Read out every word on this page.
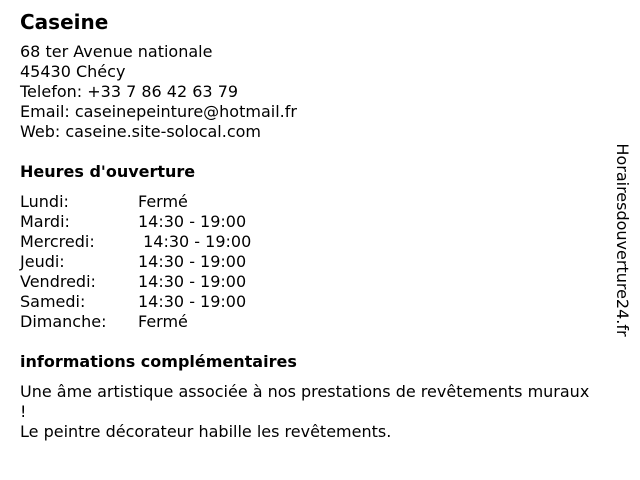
Caseine
68 ter Avenue nationale
45430 Chécy
Telefon: +33 7 86 42 63 79
Email: caseinepeinture@hotmail.fr
Web: caseine.site-solocal.com
Heures d'ouverture
Lundi:	Fermé
Mardi:	14:30 - 19:00
Mercredi:	14:30 - 19:00
Jeudi:	14:30 - 19:00
Vendredi:	14:30 - 19:00
Samedi:	14:30 - 19:00
Dimanche:	Fermé
informations complémentaires
Une âme artistique associée à nos prestations de revêtements muraux !
Le peintre décorateur habille les revêtements.
Horairesdouverture24.fr
